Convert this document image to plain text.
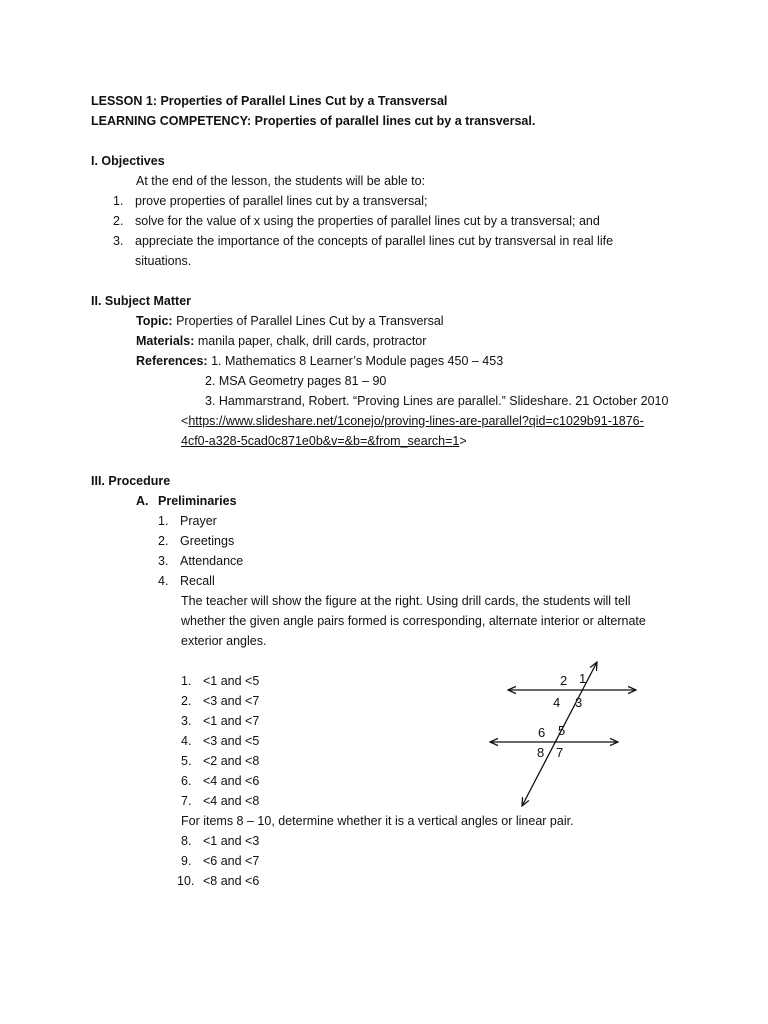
LESSON 1: Properties of Parallel Lines Cut by a Transversal
LEARNING COMPETENCY: Properties of parallel lines cut by a transversal.
I. Objectives
At the end of the lesson, the students will be able to:
1. prove properties of parallel lines cut by a transversal;
2. solve for the value of x using the properties of parallel lines cut by a transversal; and
3. appreciate the importance of the concepts of parallel lines cut by transversal in real life
situations.
II. Subject Matter
Topic: Properties of Parallel Lines Cut by a Transversal
Materials: manila paper, chalk, drill cards, protractor
References: 1. Mathematics 8 Learner’s Module pages 450 – 453
2. MSA Geometry pages 81 – 90
3. Hammarstrand, Robert. “Proving Lines are parallel.” Slideshare. 21 October 2010
<https://www.slideshare.net/1conejo/proving-lines-are-parallel?qid=c1029b91-1876-
4cf0-a328-5cad0c871e0b&v=&b=&from_search=1>
III. Procedure
A. Preliminaries
1. Prayer
2. Greetings
3. Attendance
4. Recall
The teacher will show the figure at the right. Using drill cards, the students will tell
whether the given angle pairs formed is corresponding, alternate interior or alternate
exterior angles.
1. <1 and <5
2. <3 and <7
3. <1 and <7
4. <3 and <5
5. <2 and <8
6. <4 and <6
7. <4 and <8
For items 8 – 10, determine whether it is a vertical angles or linear pair.
8. <1 and <3
9. <6 and <7
10. <8 and <6
2 1
4 3
6 5
8 7
